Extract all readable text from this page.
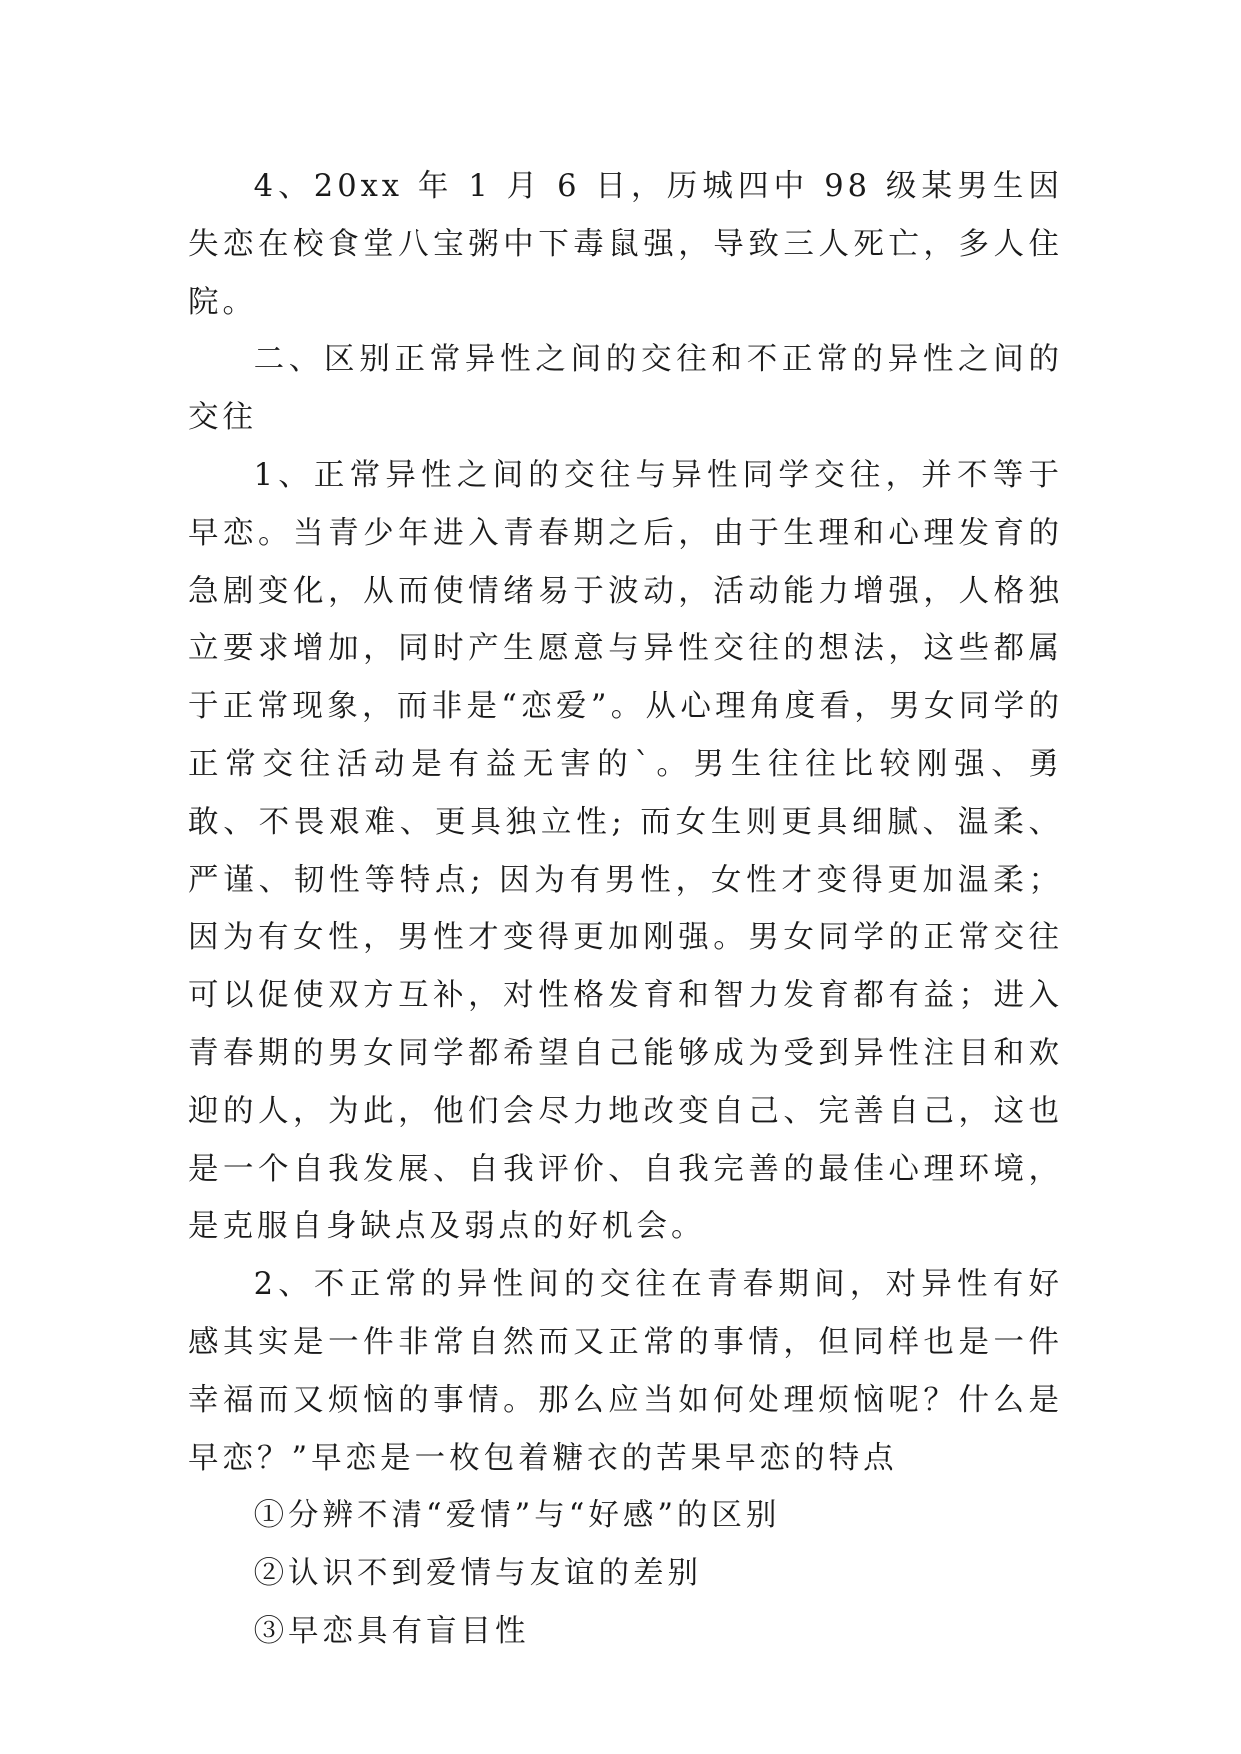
4、20xx 年 1 月 6 日，历城四中 98 级某男生因失恋在校食堂八宝粥中下毒鼠强，导致三人死亡，多人住院。

二、区别正常异性之间的交往和不正常的异性之间的交往

1、正常异性之间的交往与异性同学交往，并不等于早恋。当青少年进入青春期之后，由于生理和心理发育的急剧变化，从而使情绪易于波动，活动能力增强，人格独立要求增加，同时产生愿意与异性交往的想法，这些都属于正常现象，而非是“恋爱”。从心理角度看，男女同学的正常交往活动是有益无害的`。男生往往比较刚强、勇敢、不畏艰难、更具独立性; 而女生则更具细腻、温柔、严谨、韧性等特点; 因为有男性，女性才变得更加温柔；因为有女性，男性才变得更加刚强。男女同学的正常交往可以促使双方互补，对性格发育和智力发育都有益；进入青春期的男女同学都希望自己能够成为受到异性注目和欢迎的人，为此，他们会尽力地改变自己、完善自己，这也是一个自我发展、自我评价、自我完善的最佳心理环境，是克服自身缺点及弱点的好机会。

2、不正常的异性间的交往在青春期间，对异性有好感其实是一件非常自然而又正常的事情，但同样也是一件幸福而又烦恼的事情。那么应当如何处理烦恼呢？什么是早恋？”早恋是一枚包着糖衣的苦果早恋的特点

①分辨不清“爱情”与“好感”的区别

②认识不到爱情与友谊的差别

③早恋具有盲目性
